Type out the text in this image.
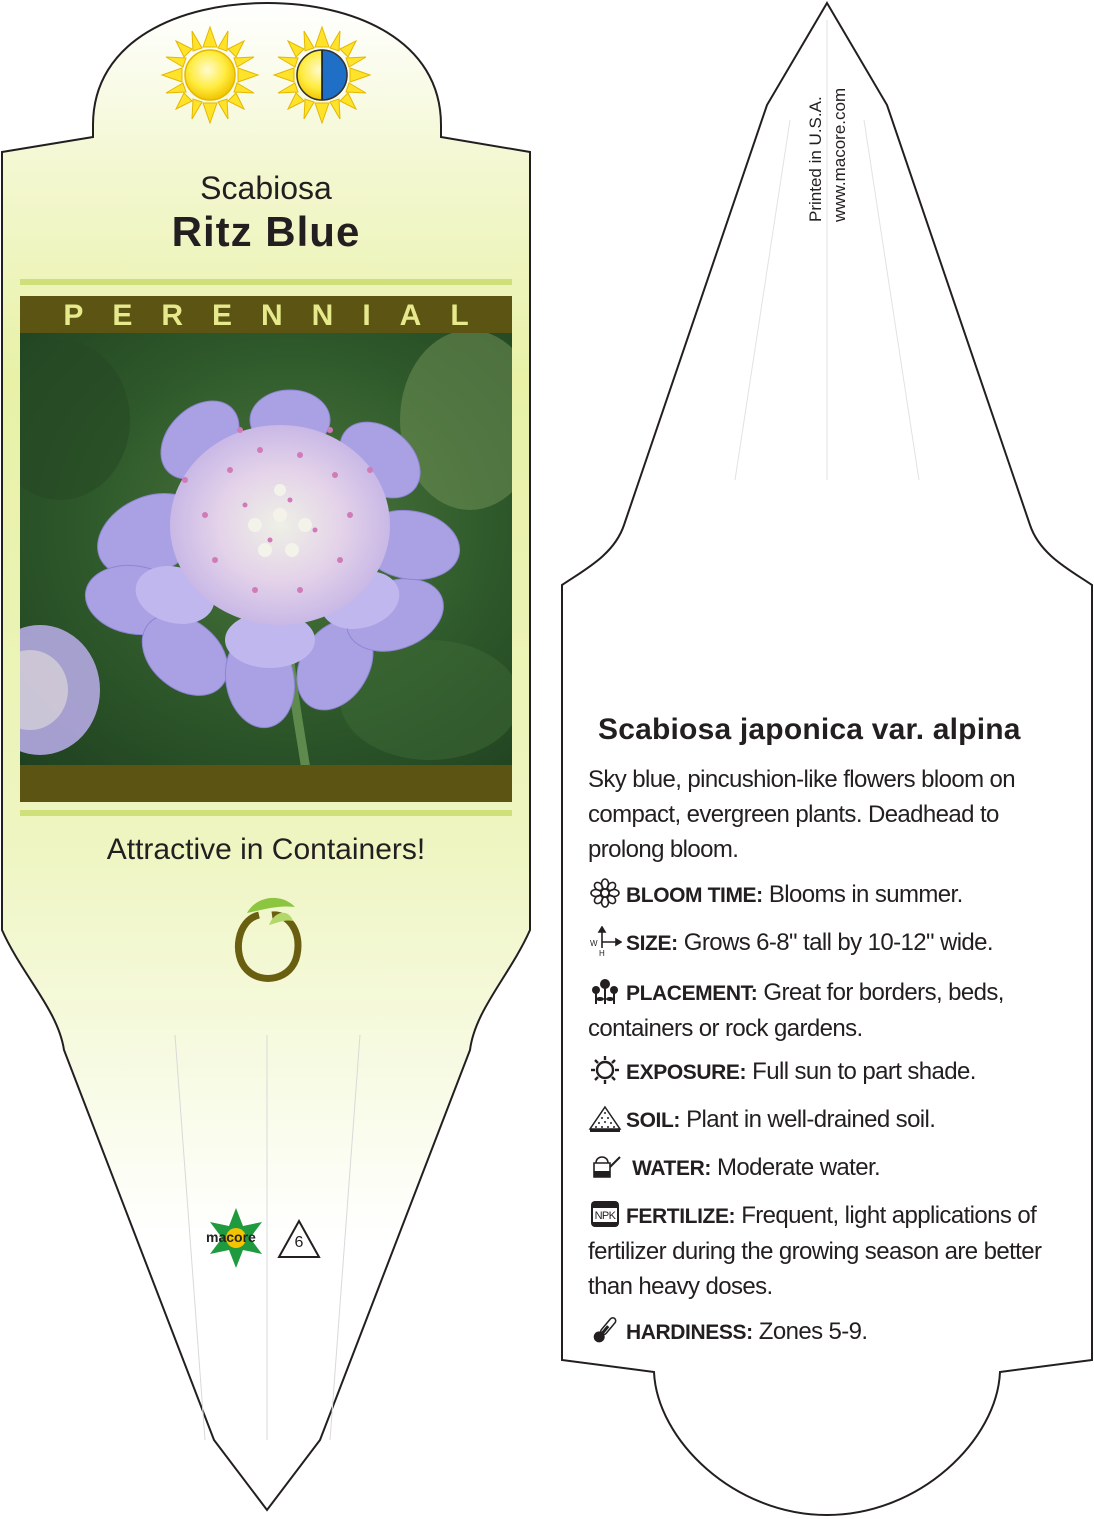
Scabiosa
Ritz Blue
PERENNIAL
Attractive in Containers!
macore 6
Printed in U.S.A. www.macore.com
Scabiosa japonica var. alpina
Sky blue, pincushion-like flowers bloom on compact, evergreen plants. Deadhead to prolong bloom.
BLOOM TIME: Blooms in summer.
W
H SIZE: Grows 6-8" tall by 10-12" wide.
PLACEMENT: Great for borders, beds, containers or rock gardens.
EXPOSURE: Full sun to part shade.
SOIL: Plant in well-drained soil.
WATER: Moderate water.
NPK FERTILIZE: Frequent, light applications of fertilizer during the growing season are better than heavy doses.
HARDINESS: Zones 5-9.
